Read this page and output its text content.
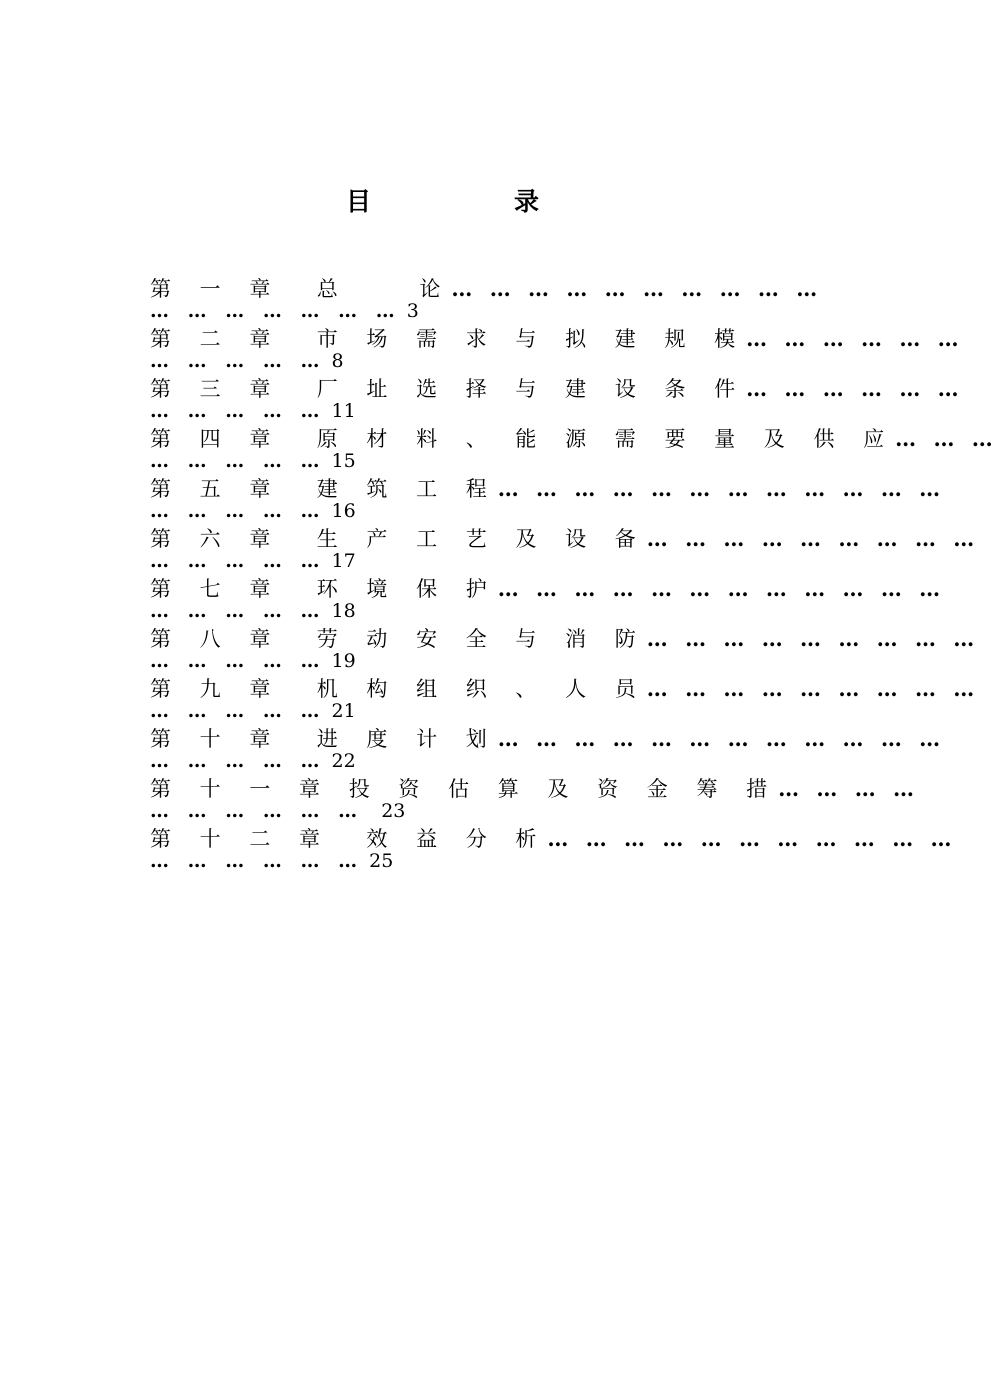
目	录
第 一 章 总    论… … … … … … … … … …
… … … … … … … 3
第 二 章 市 场 需 求 与 拟 建 规 模… … … … … …
… … … … … 8
第 三 章 厂 址 选 择 与 建 设 条 件… … … … … …
… … … … … 11
第 四 章 原 材 料 、 能 源 需 要 量 及 供 应… … …
… … … … … 15
第 五 章 建 筑 工 程… … … … … … … … … … … …
… … … … … 16
第 六 章 生 产 工 艺 及 设 备… … … … … … … … …
… … … … … 17
第 七 章 环 境 保 护… … … … … … … … … … … …
… … … … … 18
第 八 章 劳 动 安 全 与 消 防… … … … … … … … …
… … … … … 19
第 九 章 机 构 组 织 、 人 员… … … … … … … … …
… … … … … 21
第 十 章 进 度 计 划… … … … … … … … … … … …
… … … … … 22
第 十 一 章 投 资 估 算 及 资 金 筹 措… … … …
… … … … … … 23
第 十 二 章 效 益 分 析… … … … … … … … … … …
… … … … … … 25
